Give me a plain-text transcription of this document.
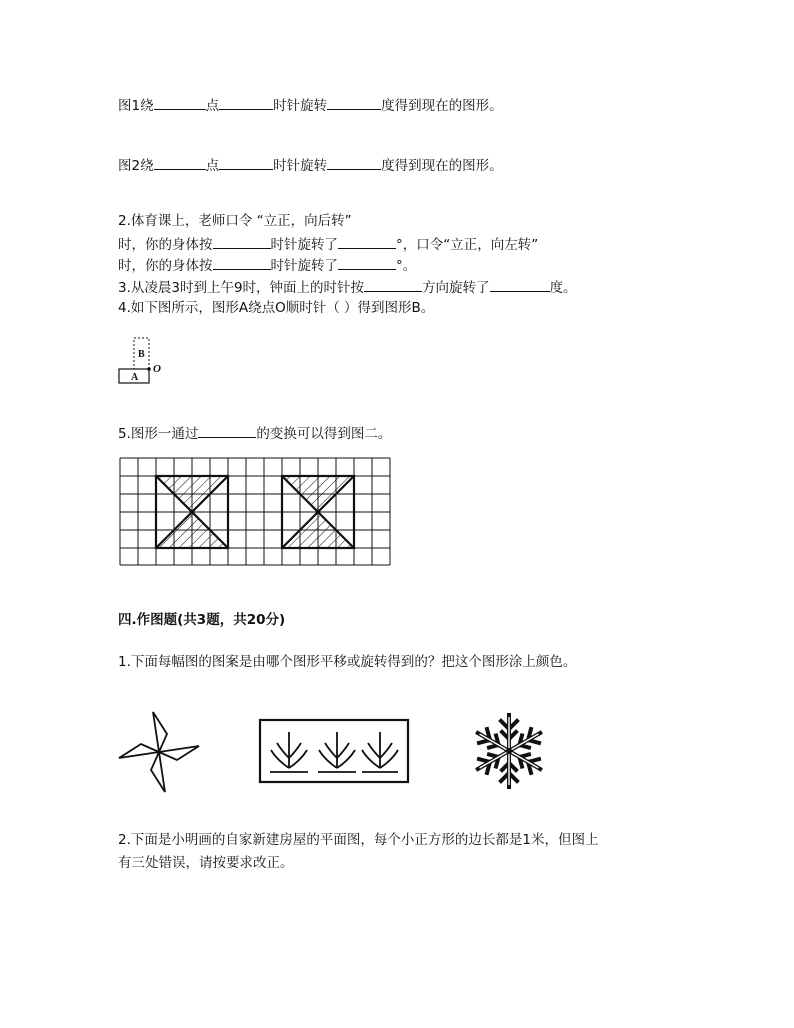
图1绕	点	时针旋转	度得到现在的图形。
图2绕	点	时针旋转	度得到现在的图形。
2.体育课上，老师口令 “立正，向后转”
时，你的身体按	时针旋转了	°，口令“立正，向左转”
时，你的身体按	时针旋转了	°。
3.从凌晨3时到上午9时，钟面上的时针按	方向旋转了	度。
4.如下图所示，图形A绕点O顺时针（ ）得到图形B。
B
A
O
5.图形一通过	的变换可以得到图二。
四.作图题(共3题，共20分)
1.下面每幅图的图案是由哪个图形平移或旋转得到的？把这个图形涂上颜色。
2.下面是小明画的自家新建房屋的平面图，每个小正方形的边长都是1米，但图上
有三处错误，请按要求改正。
